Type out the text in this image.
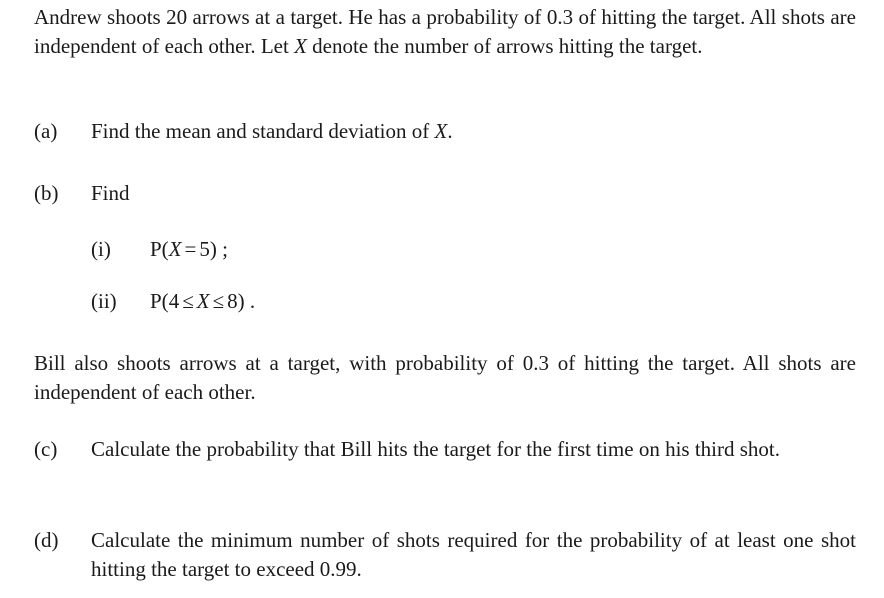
Andrew shoots 20 arrows at a target. He has a probability of 0.3 of hitting the target. All shots are independent of each other. Let X denote the number of arrows hitting the target.
(a) Find the mean and standard deviation of X.
(b) Find
(i) P(X = 5) ;
(ii) P(4 ≤ X ≤ 8) .
Bill also shoots arrows at a target, with probability of 0.3 of hitting the target. All shots are independent of each other.
(c) Calculate the probability that Bill hits the target for the first time on his third shot.
(d) Calculate the minimum number of shots required for the probability of at least one shot hitting the target to exceed 0.99.
